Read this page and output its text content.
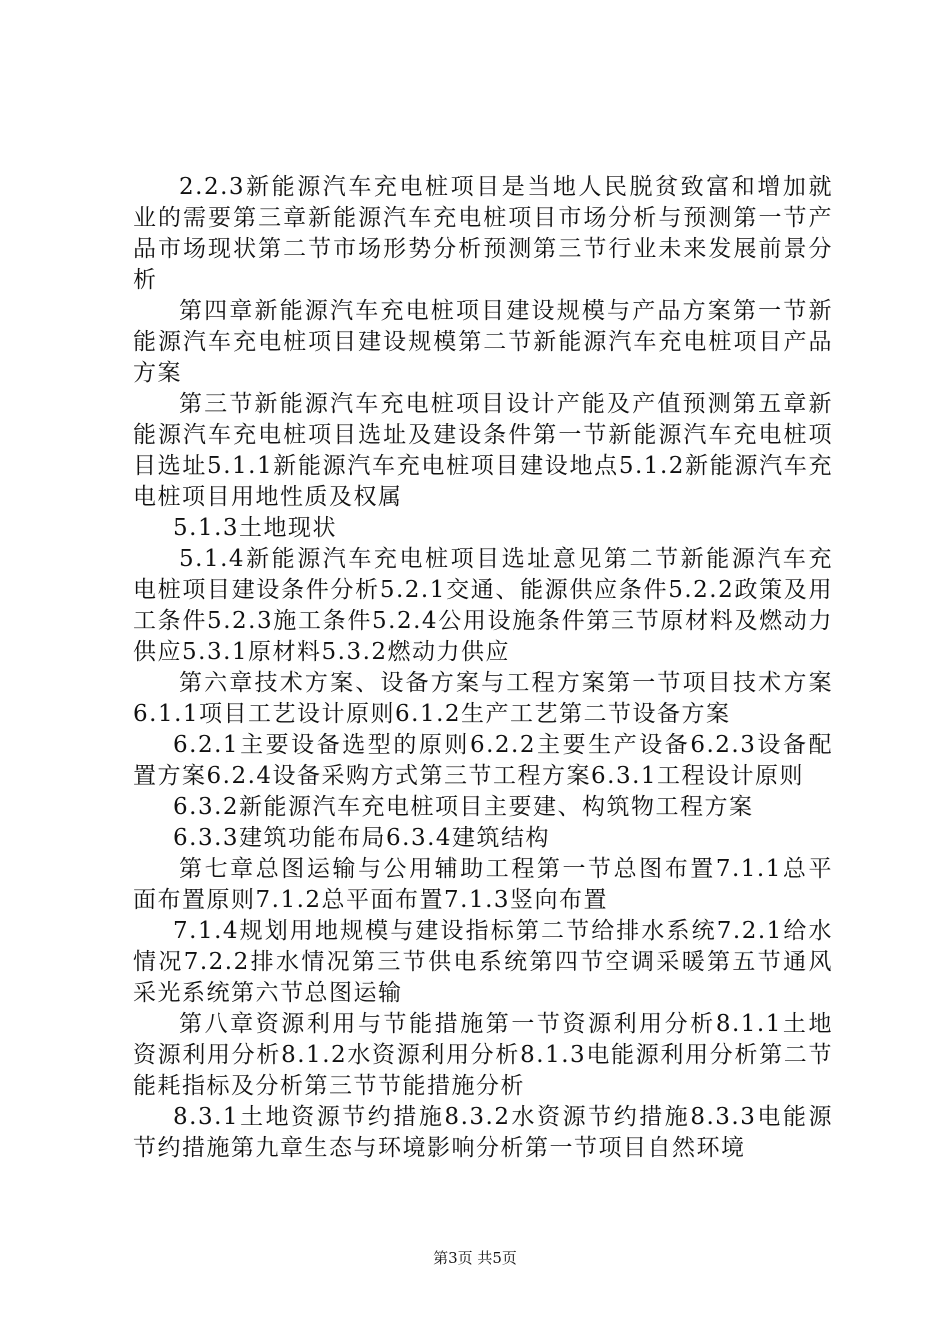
2.2.3新能源汽车充电桩项目是当地人民脱贫致富和增加就业的需要第三章新能源汽车充电桩项目市场分析与预测第一节产品市场现状第二节市场形势分析预测第三节行业未来发展前景分析

第四章新能源汽车充电桩项目建设规模与产品方案第一节新能源汽车充电桩项目建设规模第二节新能源汽车充电桩项目产品方案

第三节新能源汽车充电桩项目设计产能及产值预测第五章新能源汽车充电桩项目选址及建设条件第一节新能源汽车充电桩项目选址5.1.1新能源汽车充电桩项目建设地点5.1.2新能源汽车充电桩项目用地性质及权属

5.1.3土地现状

5.1.4新能源汽车充电桩项目选址意见第二节新能源汽车充电桩项目建设条件分析5.2.1交通、能源供应条件5.2.2政策及用工条件5.2.3施工条件5.2.4公用设施条件第三节原材料及燃动力供应5.3.1原材料5.3.2燃动力供应

第六章技术方案、设备方案与工程方案第一节项目技术方案6.1.1项目工艺设计原则6.1.2生产工艺第二节设备方案

6.2.1主要设备选型的原则6.2.2主要生产设备6.2.3设备配置方案6.2.4设备采购方式第三节工程方案6.3.1工程设计原则

6.3.2新能源汽车充电桩项目主要建、构筑物工程方案

6.3.3建筑功能布局6.3.4建筑结构

第七章总图运输与公用辅助工程第一节总图布置7.1.1总平面布置原则7.1.2总平面布置7.1.3竖向布置

7.1.4规划用地规模与建设指标第二节给排水系统7.2.1给水情况7.2.2排水情况第三节供电系统第四节空调采暖第五节通风采光系统第六节总图运输

第八章资源利用与节能措施第一节资源利用分析8.1.1土地资源利用分析8.1.2水资源利用分析8.1.3电能源利用分析第二节能耗指标及分析第三节节能措施分析

8.3.1土地资源节约措施8.3.2水资源节约措施8.3.3电能源节约措施第九章生态与环境影响分析第一节项目自然环境

第3页 共5页
